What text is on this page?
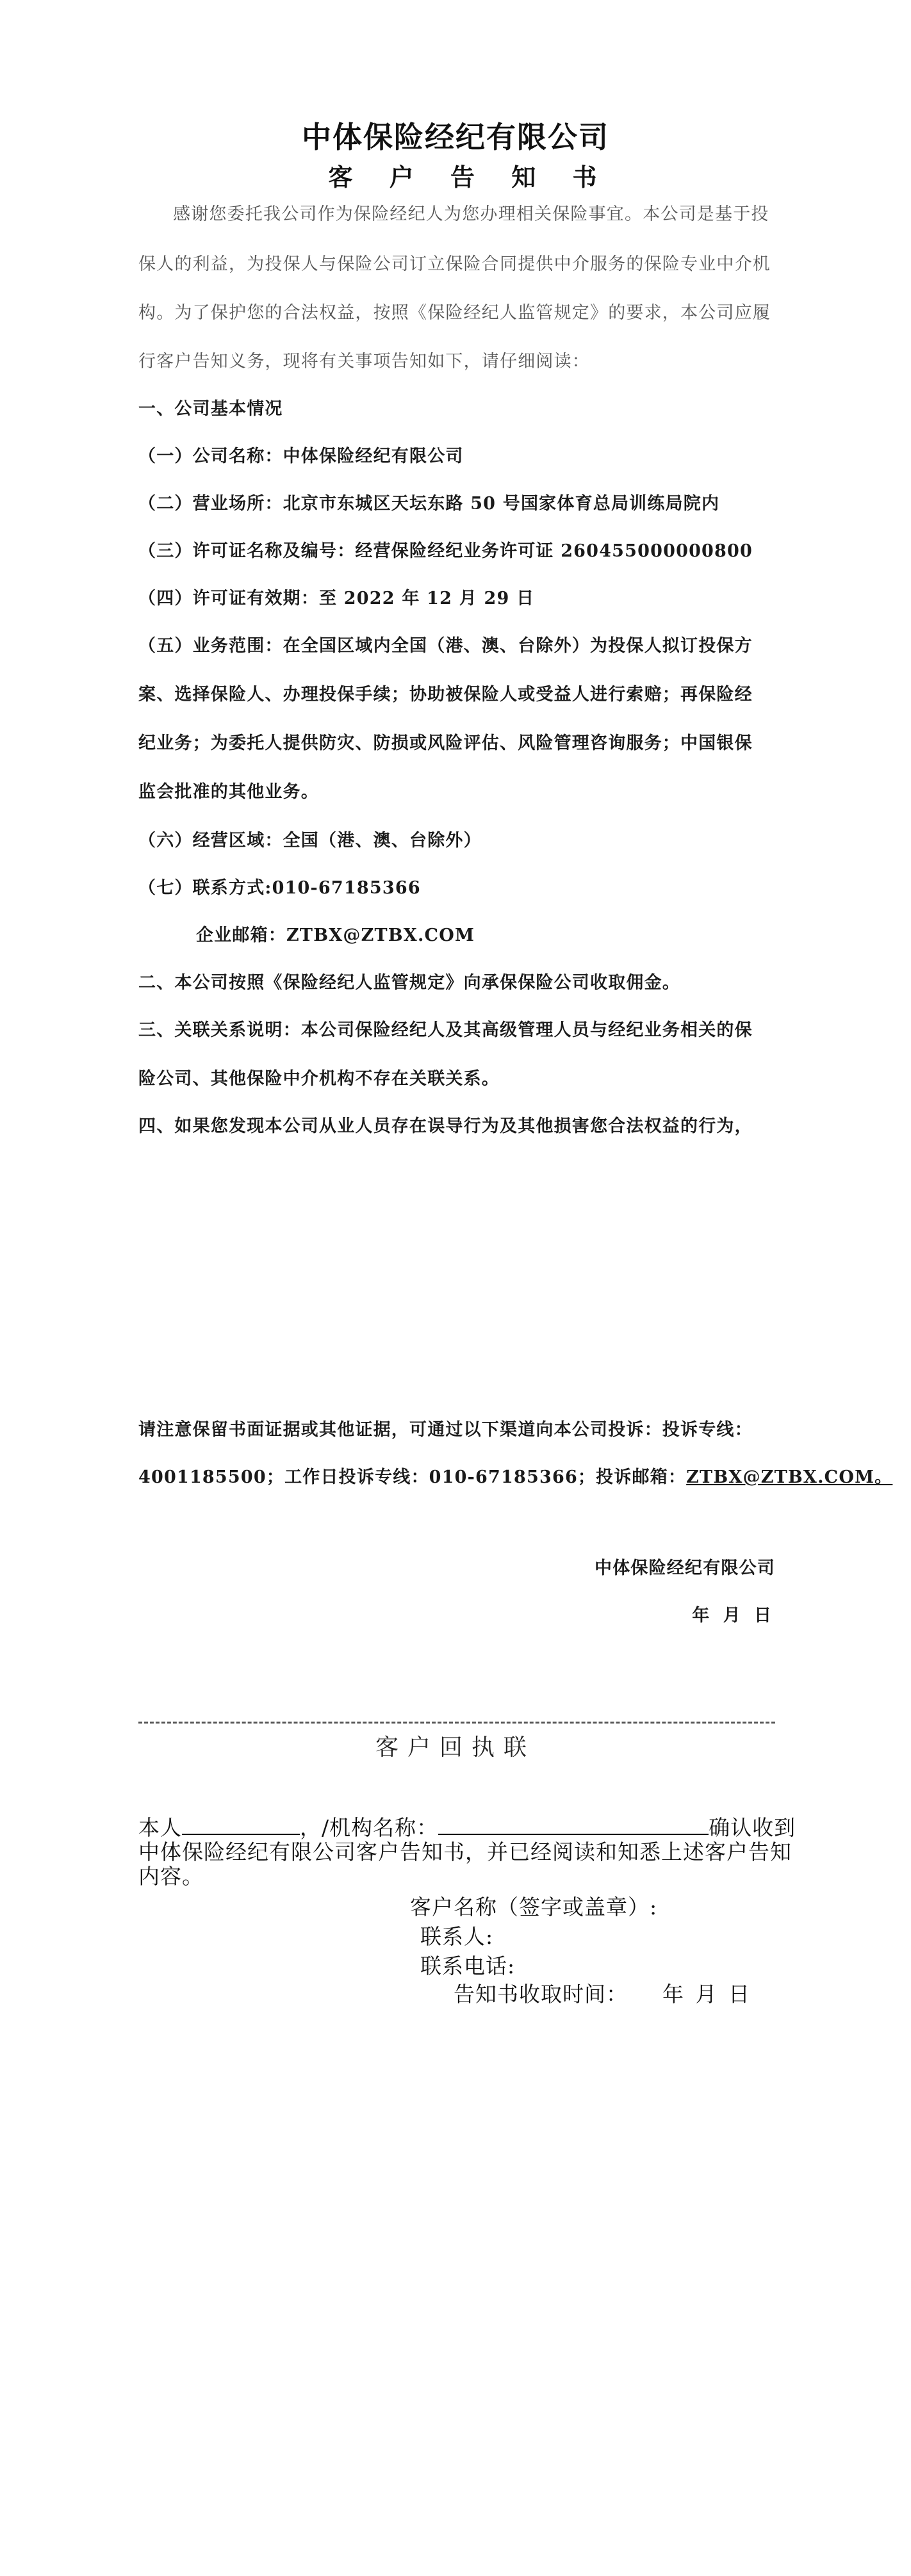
中体保险经纪有限公司
客 户 告 知 书
感谢您委托我公司作为保险经纪人为您办理相关保险事宜。本公司是基于投
保人的利益，为投保人与保险公司订立保险合同提供中介服务的保险专业中介机
构。为了保护您的合法权益，按照《保险经纪人监管规定》的要求，本公司应履
行客户告知义务，现将有关事项告知如下，请仔细阅读：
一、公司基本情况
（一）公司名称：中体保险经纪有限公司
（二）营业场所：北京市东城区天坛东路 50 号国家体育总局训练局院内
（三）许可证名称及编号：经营保险经纪业务许可证 260455000000800
（四）许可证有效期：至 2022 年 12 月 29 日
（五）业务范围：在全国区域内全国（港、澳、台除外）为投保人拟订投保方
案、选择保险人、办理投保手续；协助被保险人或受益人进行索赔；再保险经
纪业务；为委托人提供防灾、防损或风险评估、风险管理咨询服务；中国银保
监会批准的其他业务。
（六）经营区域：全国（港、澳、台除外）
（七）联系方式:010-67185366
企业邮箱：ZTBX@ZTBX.COM
二、本公司按照《保险经纪人监管规定》向承保保险公司收取佣金。
三、关联关系说明：本公司保险经纪人及其高级管理人员与经纪业务相关的保
险公司、其他保险中介机构不存在关联关系。
四、如果您发现本公司从业人员存在误导行为及其他损害您合法权益的行为，
请注意保留书面证据或其他证据，可通过以下渠道向本公司投诉：投诉专线：
4001185500；工作日投诉专线：010-67185366；投诉邮箱：ZTBX@ZTBX.COM。
中体保险经纪有限公司
年 月 日
客户回执联
本人	，/机构名称：	确认收到
中体保险经纪有限公司客户告知书，并已经阅读和知悉上述客户告知
内容。
客户名称（签字或盖章）:
联系人:
联系电话:
告知书收取时间： 年 月 日
